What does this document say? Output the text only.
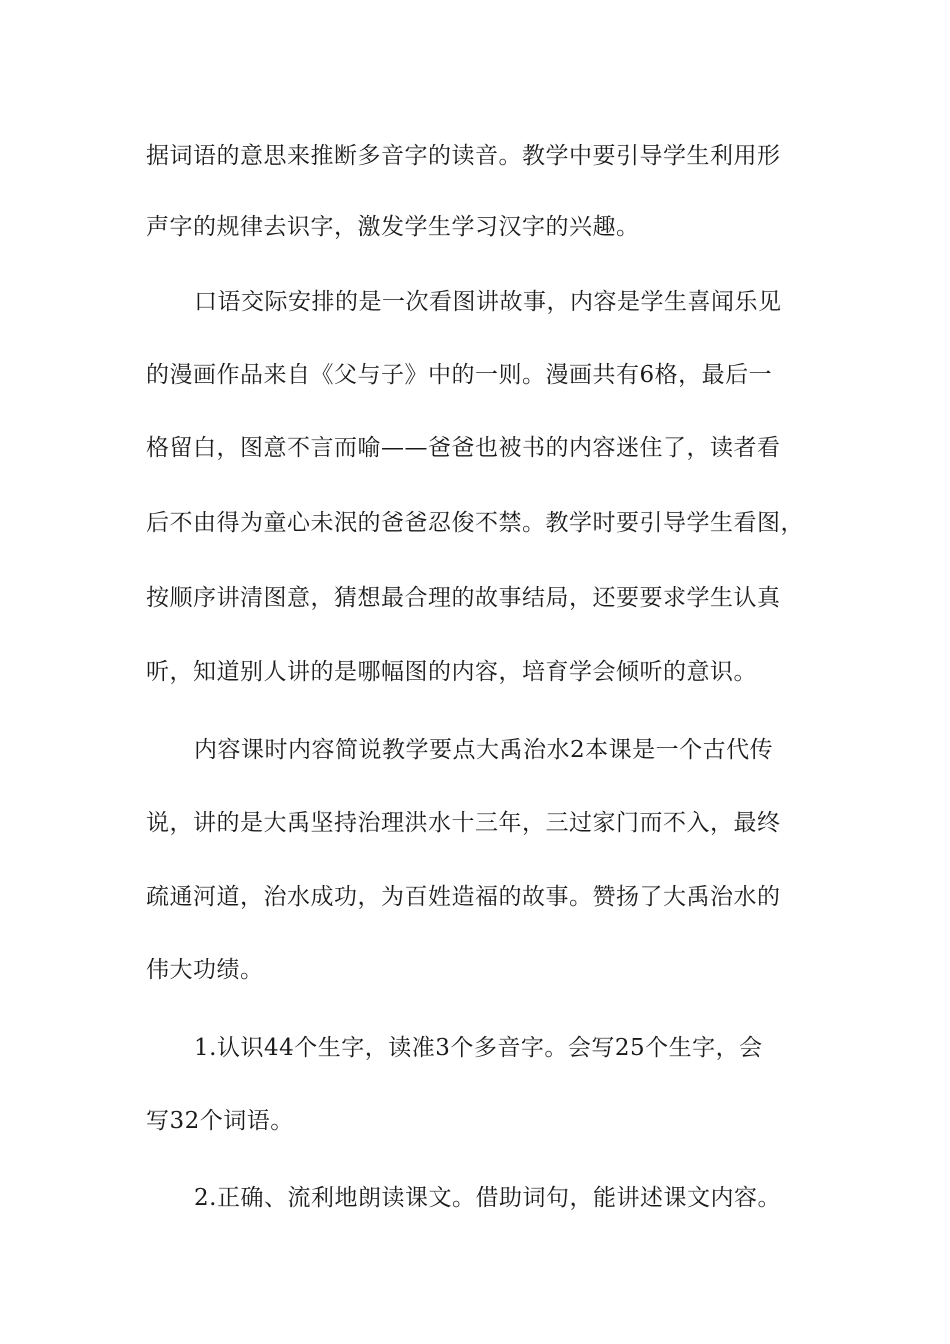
据词语的意思来推断多音字的读音。教学中要引导学生利用形
声字的规律去识字，激发学生学习汉字的兴趣。
口语交际安排的是一次看图讲故事，内容是学生喜闻乐见
的漫画作品来自《父与子》中的一则。漫画共有6格，最后一
格留白，图意不言而喻——爸爸也被书的内容迷住了，读者看
后不由得为童心未泯的爸爸忍俊不禁。教学时要引导学生看图，
按顺序讲清图意，猜想最合理的故事结局，还要要求学生认真
听，知道别人讲的是哪幅图的内容，培育学会倾听的意识。
内容课时内容简说教学要点大禹治水2本课是一个古代传
说，讲的是大禹坚持治理洪水十三年，三过家门而不入，最终
疏通河道，治水成功，为百姓造福的故事。赞扬了大禹治水的
伟大功绩。
1.认识44个生字，读准3个多音字。会写25个生字，会
写32个词语。
2.正确、流利地朗读课文。借助词句，能讲述课文内容。
